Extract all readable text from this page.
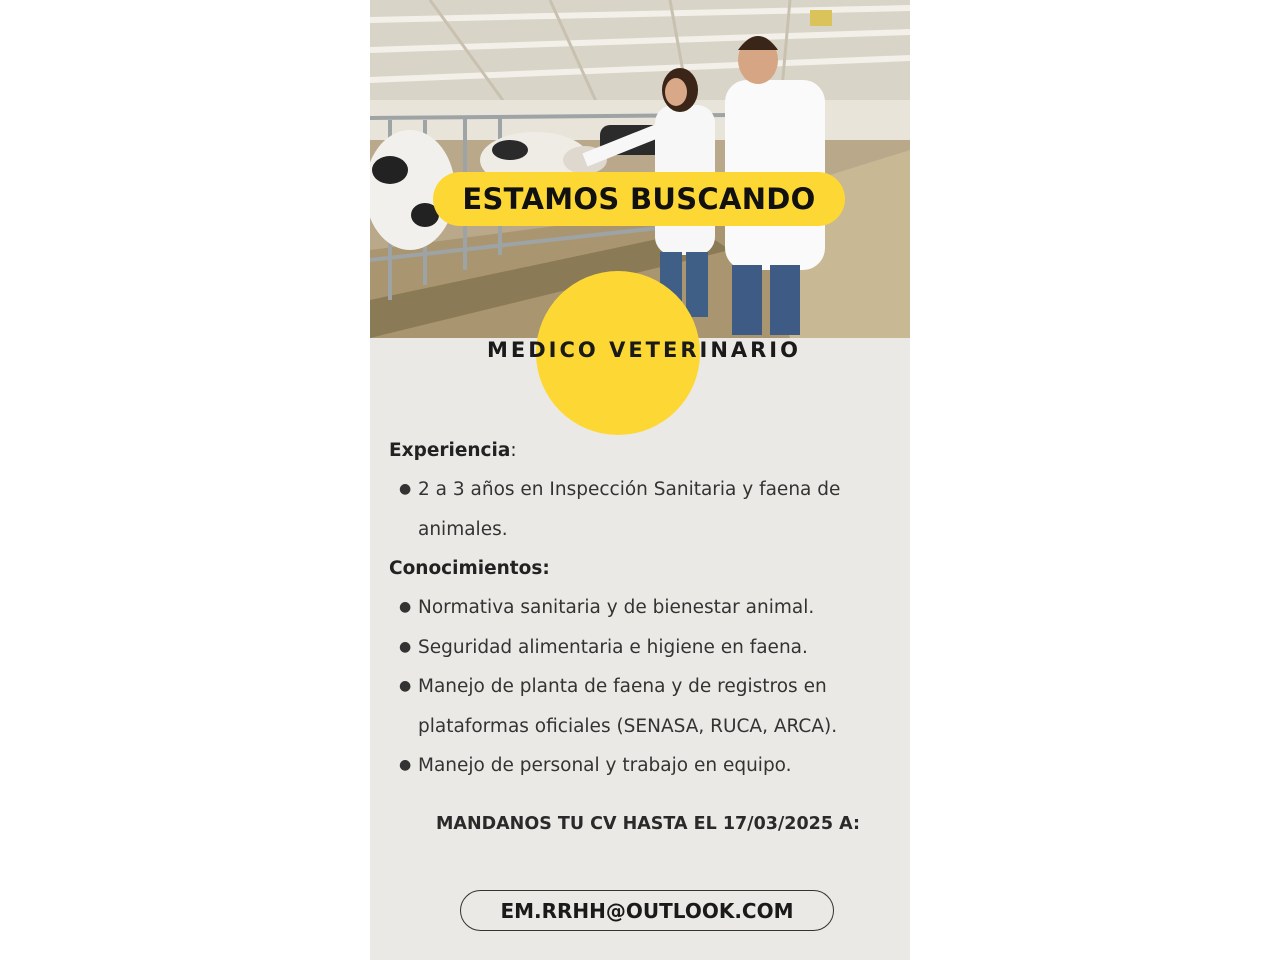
ESTAMOS BUSCANDO
MEDICO VETERINARIO
Experiencia:
● 2 a 3 años en Inspección Sanitaria y faena de animales.
Conocimientos:
● Normativa sanitaria y de bienestar animal.
● Seguridad alimentaria e higiene en faena.
● Manejo de planta de faena y de registros en plataformas oficiales (SENASA, RUCA, ARCA).
● Manejo de personal y trabajo en equipo.
MANDANOS TU CV HASTA EL 17/03/2025 A:
EM.RRHH@OUTLOOK.COM
